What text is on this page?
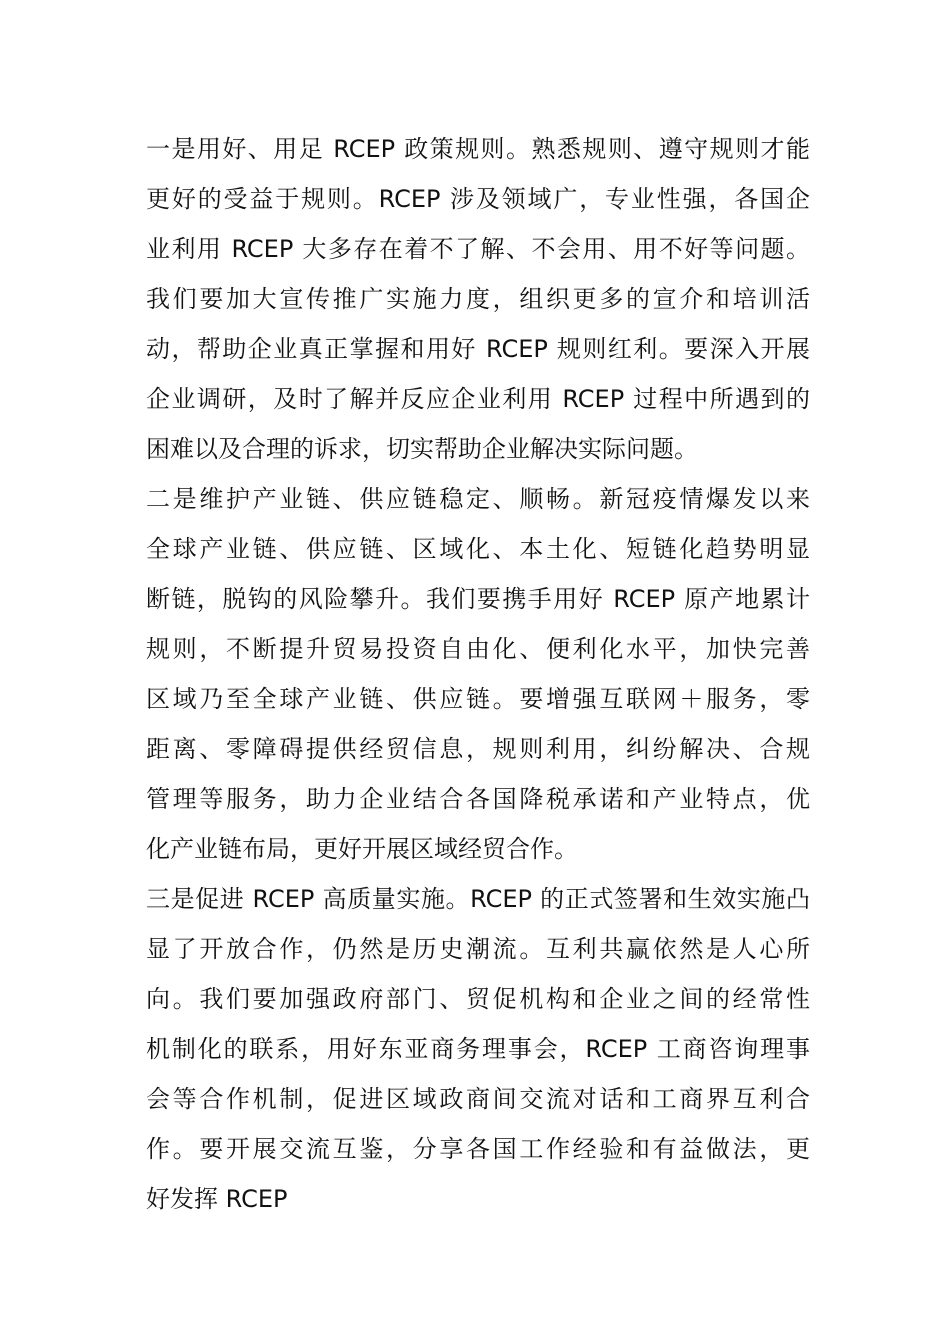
一是用好、用足 RCEP 政策规则。熟悉规则、遵守规则才能
更好的受益于规则。RCEP 涉及领域广，专业性强，各国企
业利用 RCEP 大多存在着不了解、不会用、用不好等问题。
我们要加大宣传推广实施力度，组织更多的宣介和培训活
动，帮助企业真正掌握和用好 RCEP 规则红利。要深入开展
企业调研，及时了解并反应企业利用 RCEP 过程中所遇到的
困难以及合理的诉求，切实帮助企业解决实际问题。
二是维护产业链、供应链稳定、顺畅。新冠疫情爆发以来
全球产业链、供应链、区域化、本土化、短链化趋势明显
断链，脱钩的风险攀升。我们要携手用好 RCEP 原产地累计
规则，不断提升贸易投资自由化、便利化水平，加快完善
区域乃至全球产业链、供应链。要增强互联网＋服务，零
距离、零障碍提供经贸信息，规则利用，纠纷解决、合规
管理等服务，助力企业结合各国降税承诺和产业特点，优
化产业链布局，更好开展区域经贸合作。
三是促进 RCEP 高质量实施。RCEP 的正式签署和生效实施凸
显了开放合作，仍然是历史潮流。互利共赢依然是人心所
向。我们要加强政府部门、贸促机构和企业之间的经常性
机制化的联系，用好东亚商务理事会，RCEP 工商咨询理事
会等合作机制，促进区域政商间交流对话和工商界互利合
作。要开展交流互鉴，分享各国工作经验和有益做法，更
好发挥 RCEP
